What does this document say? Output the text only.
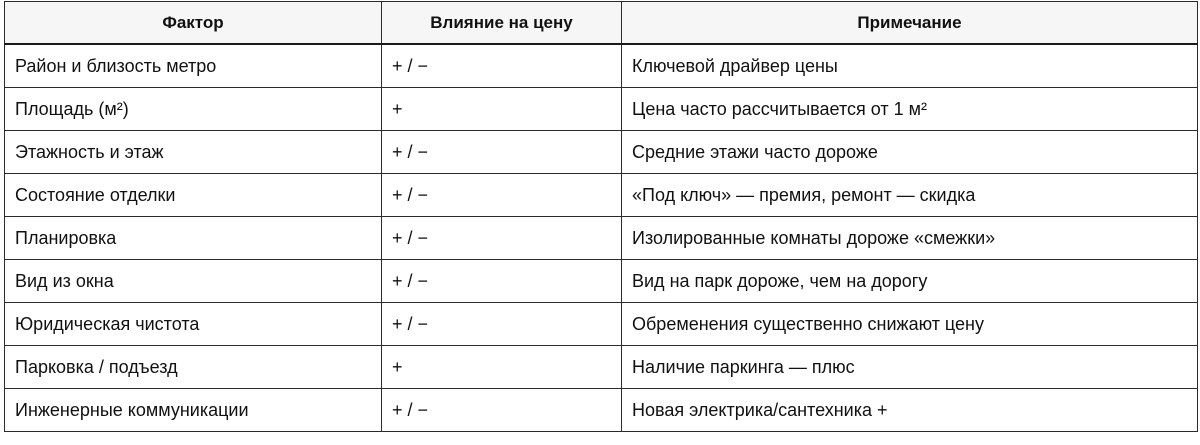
Фактор	Влияние на цену	Примечание
Район и близость метро	+ / −	Ключевой драйвер цены
Площадь (м²)	+	Цена часто рассчитывается от 1 м²
Этажность и этаж	+ / −	Средние этажи часто дороже
Состояние отделки	+ / −	«Под ключ» — премия, ремонт — скидка
Планировка	+ / −	Изолированные комнаты дороже «смежки»
Вид из окна	+ / −	Вид на парк дороже, чем на дорогу
Юридическая чистота	+ / −	Обременения существенно снижают цену
Парковка / подъезд	+	Наличие паркинга — плюс
Инженерные коммуникации	+ / −	Новая электрика/сантехника +
